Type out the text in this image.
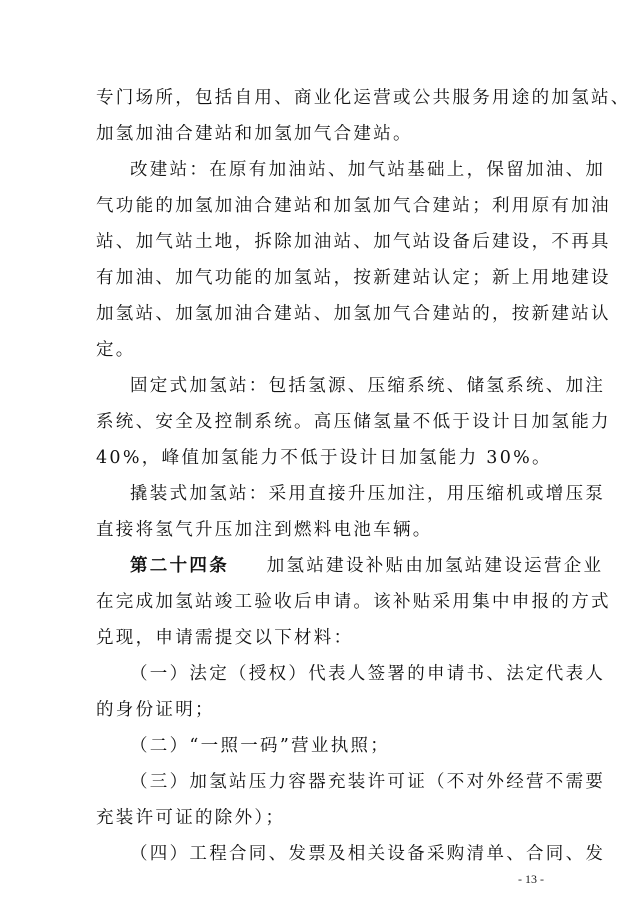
专门场所，包括自用、商业化运营或公共服务用途的加氢站、
加氢加油合建站和加氢加气合建站。
改建站：在原有加油站、加气站基础上，保留加油、加
气功能的加氢加油合建站和加氢加气合建站；利用原有加油
站、加气站土地，拆除加油站、加气站设备后建设，不再具
有加油、加气功能的加氢站，按新建站认定；新上用地建设
加氢站、加氢加油合建站、加氢加气合建站的，按新建站认
定。
固定式加氢站：包括氢源、压缩系统、储氢系统、加注
系统、安全及控制系统。高压储氢量不低于设计日加氢能力
40%，峰值加氢能力不低于设计日加氢能力 30%。
撬装式加氢站：采用直接升压加注，用压缩机或增压泵
直接将氢气升压加注到燃料电池车辆。
第二十四条 加氢站建设补贴由加氢站建设运营企业
在完成加氢站竣工验收后申请。该补贴采用集中申报的方式
兑现，申请需提交以下材料：
（一）法定（授权）代表人签署的申请书、法定代表人
的身份证明；
（二）“一照一码”营业执照；
（三）加氢站压力容器充装许可证（不对外经营不需要
充装许可证的除外）；
（四）工程合同、发票及相关设备采购清单、合同、发
- 13 -
